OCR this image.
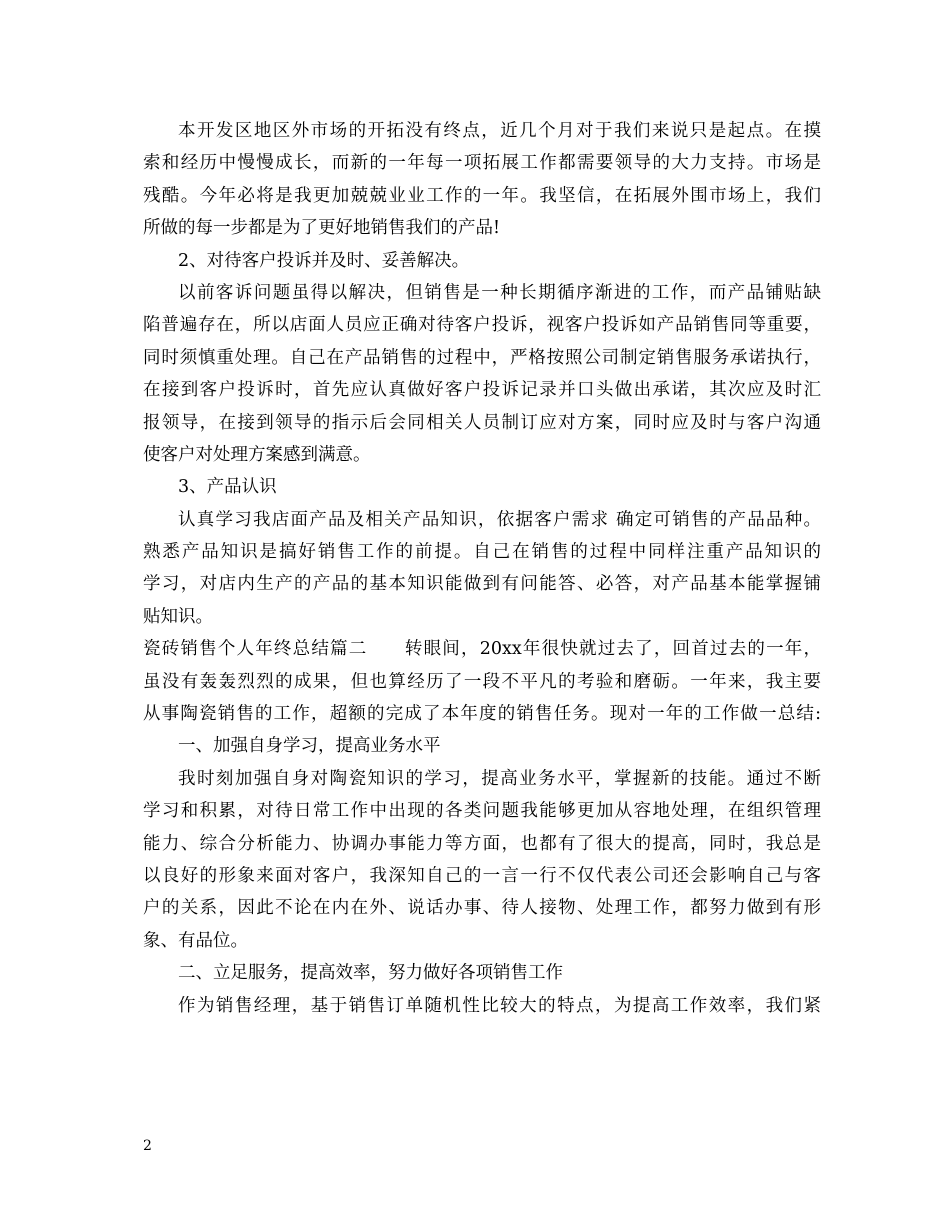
本开发区地区外市场的开拓没有终点，近几个月对于我们来说只是起点。在摸
索和经历中慢慢成长，而新的一年每一项拓展工作都需要领导的大力支持。市场是
残酷。今年必将是我更加兢兢业业工作的一年。我坚信，在拓展外围市场上，我们
所做的每一步都是为了更好地销售我们的产品!
2、对待客户投诉并及时、妥善解决。
以前客诉问题虽得以解决，但销售是一种长期循序渐进的工作，而产品铺贴缺
陷普遍存在，所以店面人员应正确对待客户投诉，视客户投诉如产品销售同等重要，
同时须慎重处理。自己在产品销售的过程中，严格按照公司制定销售服务承诺执行，
在接到客户投诉时，首先应认真做好客户投诉记录并口头做出承诺，其次应及时汇
报领导，在接到领导的指示后会同相关人员制订应对方案，同时应及时与客户沟通
使客户对处理方案感到满意。
3、产品认识
认真学习我店面产品及相关产品知识，依据客户需求 确定可销售的产品品种。
熟悉产品知识是搞好销售工作的前提。自己在销售的过程中同样注重产品知识的
学习，对店内生产的产品的基本知识能做到有问能答、必答，对产品基本能掌握铺
贴知识。
瓷砖销售个人年终总结篇二　　转眼间，20xx年很快就过去了，回首过去的一年，
虽没有轰轰烈烈的成果，但也算经历了一段不平凡的考验和磨砺。一年来，我主要
从事陶瓷销售的工作，超额的完成了本年度的销售任务。现对一年的工作做一总结:
一、加强自身学习，提高业务水平
我时刻加强自身对陶瓷知识的学习，提高业务水平，掌握新的技能。通过不断
学习和积累，对待日常工作中出现的各类问题我能够更加从容地处理，在组织管理
能力、综合分析能力、协调办事能力等方面，也都有了很大的提高，同时，我总是
以良好的形象来面对客户，我深知自己的一言一行不仅代表公司还会影响自己与客
户的关系，因此不论在内在外、说话办事、待人接物、处理工作，都努力做到有形
象、有品位。
二、立足服务，提高效率，努力做好各项销售工作
作为销售经理，基于销售订单随机性比较大的特点，为提高工作效率，我们紧
2
